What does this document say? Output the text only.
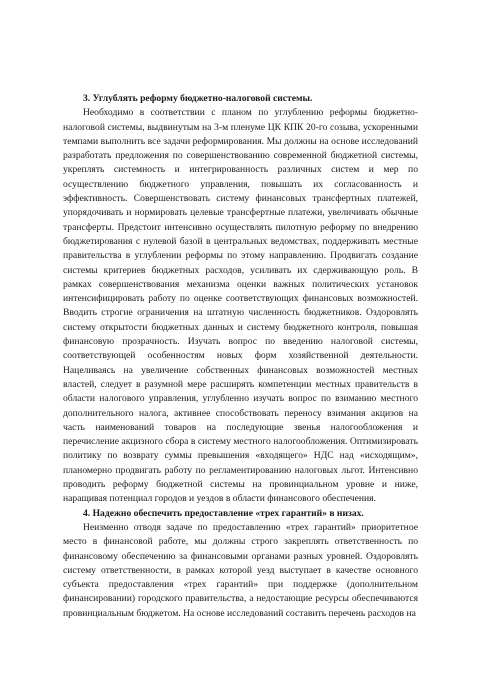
3. Углублять реформу бюджетно-налоговой системы.

Необходимо в соответствии с планом по углублению реформы бюджетно-налоговой системы, выдвинутым на 3-м пленуме ЦК КПК 20-го созыва, ускоренными темпами выполнить все задачи реформирования. Мы должны на основе исследований разработать предложения по совершенствованию современной бюджетной системы, укреплять системность и интегрированность различных систем и мер по осуществлению бюджетного управления, повышать их согласованность и эффективность. Совершенствовать систему финансовых трансфертных платежей, упорядочивать и нормировать целевые трансфертные платежи, увеличивать обычные трансферты. Предстоит интенсивно осуществлять пилотную реформу по внедрению бюджетирования с нулевой базой в центральных ведомствах, поддерживать местные правительства в углублении реформы по этому направлению. Продвигать создание системы критериев бюджетных расходов, усиливать их сдерживающую роль. В рамках совершенствования механизма оценки важных политических установок интенсифицировать работу по оценке соответствующих финансовых возможностей. Вводить строгие ограничения на штатную численность бюджетников. Оздоровлять систему открытости бюджетных данных и систему бюджетного контроля, повышая финансовую прозрачность. Изучать вопрос по введению налоговой системы, соответствующей особенностям новых форм хозяйственной деятельности. Нацеливаясь на увеличение собственных финансовых возможностей местных властей, следует в разумной мере расширять компетенции местных правительств в области налогового управления, углубленно изучать вопрос по взиманию местного дополнительного налога, активнее способствовать переносу взимания акцизов на часть наименований товаров на последующие звенья налогообложения и перечисление акцизного сбора в систему местного налогообложения. Оптимизировать политику по возврату суммы превышения «входящего» НДС над «исходящим», планомерно продвигать работу по регламентированию налоговых льгот. Интенсивно проводить реформу бюджетной системы на провинциальном уровне и ниже, наращивая потенциал городов и уездов в области финансового обеспечения.

4. Надежно обеспечить предоставление «трех гарантий» в низах.

Неизменно отводя задаче по предоставлению «трех гарантий» приоритетное место в финансовой работе, мы должны строго закреплять ответственность по финансовому обеспечению за финансовыми органами разных уровней. Оздоровлять систему ответственности, в рамках которой уезд выступает в качестве основного субъекта предоставления «трех гарантий» при поддержке (дополнительном финансировании) городского правительства, а недостающие ресурсы обеспечиваются провинциальным бюджетом. На основе исследований составить перечень расходов на
